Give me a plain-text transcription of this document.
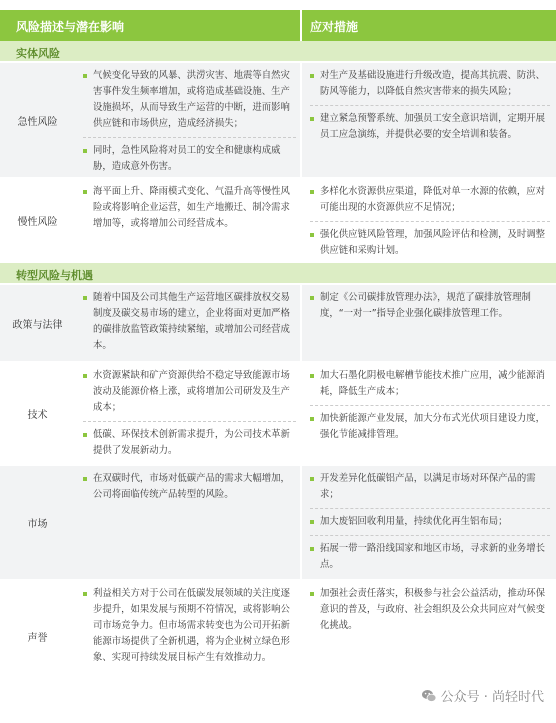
风险描述与潜在影响	应对措施
实体风险
急性风险
气候变化导致的风暴、洪涝灾害、地震等自然灾害事件发生频率增加，或将造成基础设施、生产设施损坏，从而导致生产运营的中断，进而影响供应链和市场供应，造成经济损失；
同时，急性风险将对员工的安全和健康构成威胁，造成意外伤害。
对生产及基础设施进行升级改造，提高其抗震、防洪、防风等能力，以降低自然灾害带来的损失风险；
建立紧急预警系统、加强员工安全意识培训，定期开展员工应急演练，并提供必要的安全培训和装备。
慢性风险
海平面上升、降雨模式变化、气温升高等慢性风险或将影响企业运营，如生产地搬迁、制冷需求增加等，或将增加公司经营成本。
多样化水资源供应渠道，降低对单一水源的依赖，应对可能出现的水资源供应不足情况；
强化供应链风险管理，加强风险评估和检测，及时调整供应链和采购计划。
转型风险与机遇
政策与法律
随着中国及公司其他生产运营地区碳排放权交易制度及碳交易市场的建立，企业将面对更加严格的碳排放监管政策持续紧缩，或增加公司经营成本。
制定《公司碳排放管理办法》，规范了碳排放管理制度，“一对一”指导企业强化碳排放管理工作。
技术
水资源紧缺和矿产资源供给不稳定导致能源市场波动及能源价格上涨，或将增加公司研发及生产成本；
低碳、环保技术创新需求提升，为公司技术革新提供了发展新动力。
加大石墨化阴极电解槽节能技术推广应用，减少能源消耗，降低生产成本；
加快新能源产业发展，加大分布式光伏项目建设力度，强化节能减排管理。
市场
在双碳时代，市场对低碳产品的需求大幅增加，公司将面临传统产品转型的风险。
开发差异化低碳铝产品，以满足市场对环保产品的需求；
加大废铝回收利用量，持续优化再生铝布局；
拓展一带一路沿线国家和地区市场，寻求新的业务增长点。
声誉
利益相关方对于公司在低碳发展领域的关注度逐步提升，如果发展与预期不符情况，或将影响公司市场竞争力。但市场需求转变也为公司开拓新能源市场提供了全新机遇，将为企业树立绿色形象、实现可持续发展目标产生有效推动力。
加强社会责任落实，积极参与社会公益活动，推动环保意识的普及，与政府、社会组织及公众共同应对气候变化挑战。
公众号 · 尚轻时代
